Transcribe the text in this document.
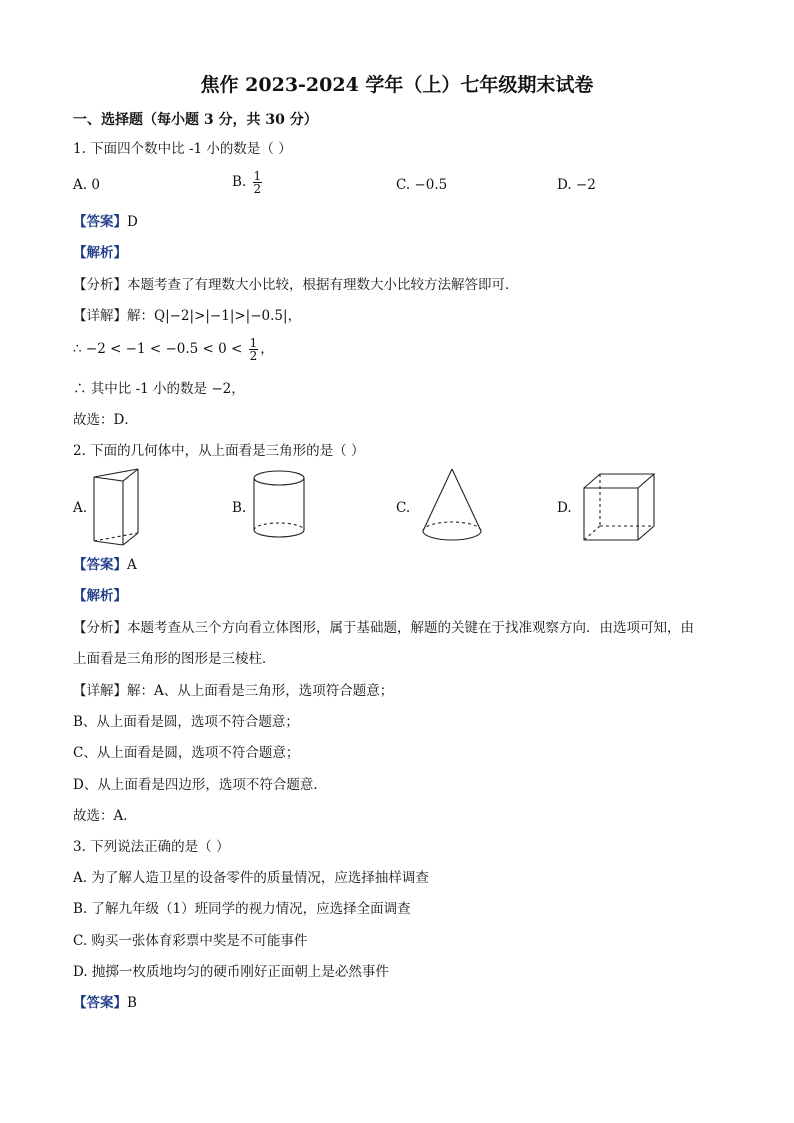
焦作 2023-2024 学年（上）七年级期末试卷
一、选择题（每小题 3 分，共 30 分）
1. 下面四个数中比 -1 小的数是（ ）
A. 0	B. $\frac{1}{2}$	C. −0.5	D. −2
【答案】D
【解析】
【分析】本题考查了有理数大小比较，根据有理数大小比较方法解答即可．
【详解】解：Q|−2|>|−1|>|−0.5|，
∴ $-2 < -1 < -0.5 < 0 < \frac{1}{2}$ ，
∴ 其中比 -1 小的数是 −2，
故选：D．
2. 下面的几何体中，从上面看是三角形的是（ ）
A.	B.	C.	D.
【答案】A
【解析】
【分析】本题考查从三个方向看立体图形，属于基础题，解题的关键在于找准观察方向．由选项可知，由
上面看是三角形的图形是三棱柱．
【详解】解：A、从上面看是三角形，选项符合题意；
B、从上面看是圆，选项不符合题意；
C、从上面看是圆，选项不符合题意；
D、从上面看是四边形，选项不符合题意．
故选：A．
3. 下列说法正确的是（ ）
A. 为了解人造卫星的设备零件的质量情况，应选择抽样调查
B. 了解九年级（1）班同学的视力情况，应选择全面调查
C. 购买一张体育彩票中奖是不可能事件
D. 抛掷一枚质地均匀的硬币刚好正面朝上是必然事件
【答案】B
